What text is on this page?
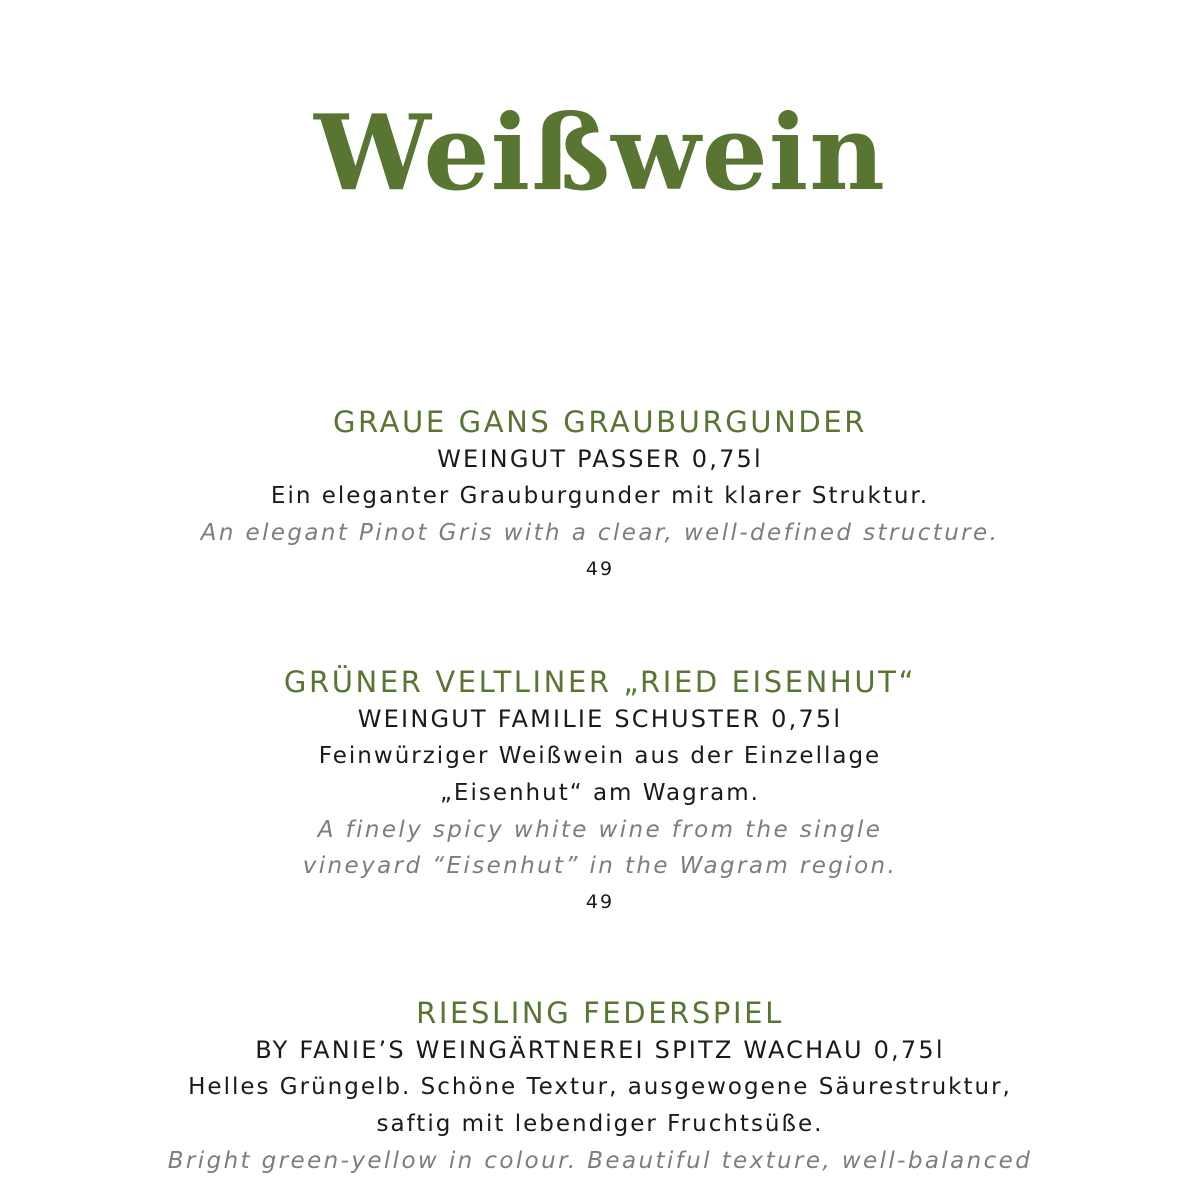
Weißwein
GRAUE GANS GRAUBURGUNDER
WEINGUT PASSER 0,75l
Ein eleganter Grauburgunder mit klarer Struktur.
An elegant Pinot Gris with a clear, well-defined structure.
49
GRÜNER VELTLINER „RIED EISENHUT“
WEINGUT FAMILIE SCHUSTER 0,75l
Feinwürziger Weißwein aus der Einzellage
„Eisenhut“ am Wagram.
A finely spicy white wine from the single
vineyard “Eisenhut” in the Wagram region.
49
RIESLING FEDERSPIEL
BY FANIE’S WEINGÄRTNEREI SPITZ WACHAU 0,75l
Helles Grüngelb. Schöne Textur, ausgewogene Säurestruktur,
saftig mit lebendiger Fruchtsüße.
Bright green-yellow in colour. Beautiful texture, well-balanced
